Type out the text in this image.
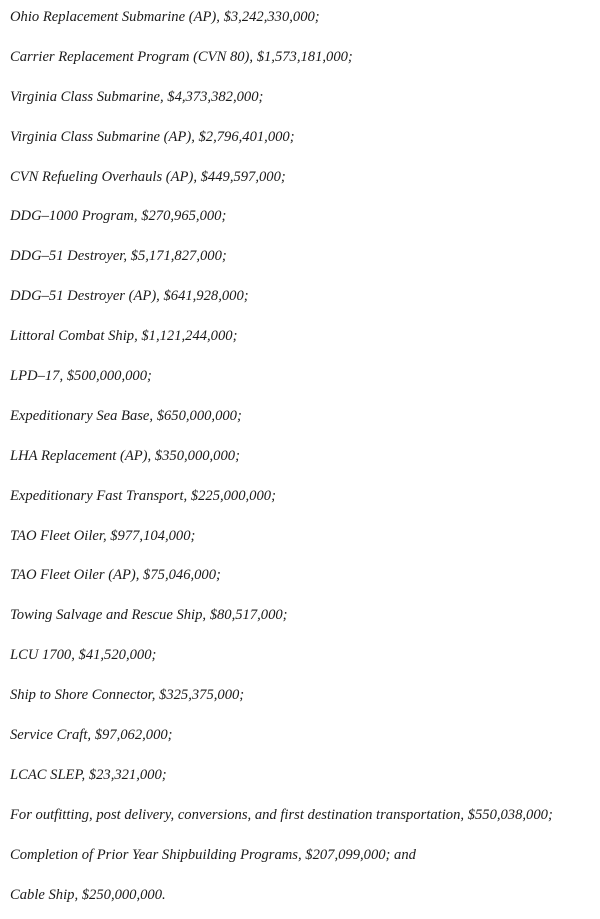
Ohio Replacement Submarine (AP), $3,242,330,000;

Carrier Replacement Program (CVN 80), $1,573,181,000;

Virginia Class Submarine, $4,373,382,000;

Virginia Class Submarine (AP), $2,796,401,000;

CVN Refueling Overhauls (AP), $449,597,000;

DDG–1000 Program, $270,965,000;

DDG–51 Destroyer, $5,171,827,000;

DDG–51 Destroyer (AP), $641,928,000;

Littoral Combat Ship, $1,121,244,000;

LPD–17, $500,000,000;

Expeditionary Sea Base, $650,000,000;

LHA Replacement (AP), $350,000,000;

Expeditionary Fast Transport, $225,000,000;

TAO Fleet Oiler, $977,104,000;

TAO Fleet Oiler (AP), $75,046,000;

Towing Salvage and Rescue Ship, $80,517,000;

LCU 1700, $41,520,000;

Ship to Shore Connector, $325,375,000;

Service Craft, $97,062,000;

LCAC SLEP, $23,321,000;

For outfitting, post delivery, conversions, and first destination transportation, $550,038,000;

Completion of Prior Year Shipbuilding Programs, $207,099,000; and

Cable Ship, $250,000,000.
